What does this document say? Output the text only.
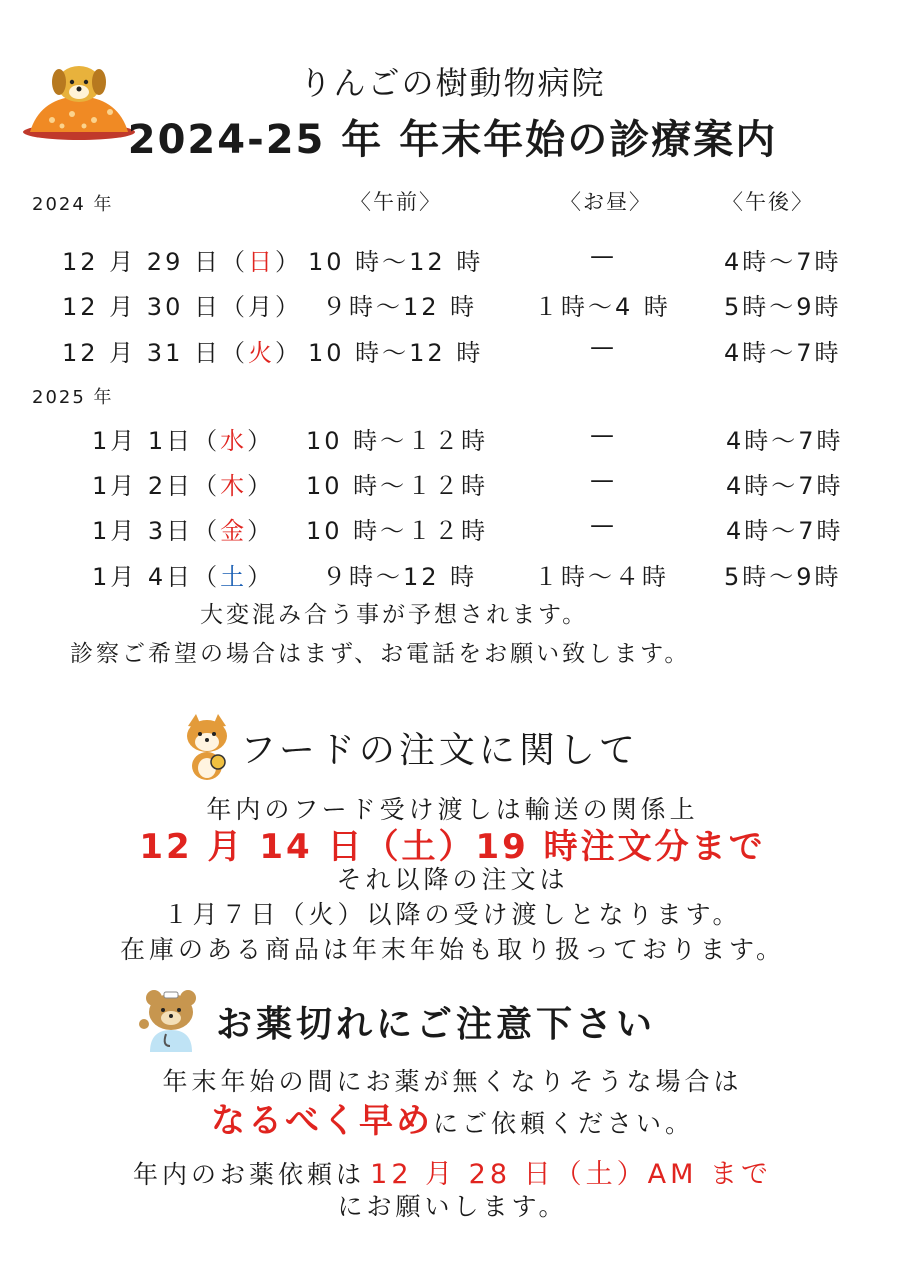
りんごの樹動物病院
2024-25 年 年末年始の診療案内
2024 年	〈午前〉	〈お昼〉	〈午後〉
12 月 29 日（日） 10 時～12 時	—	4時～7時
12 月 30 日（月） ９時～12 時 １時～4 時 5時～9時
12 月 31 日（火） 10 時～12 時	—	4時～7時
2025 年
1月 1日（水） 10 時～１２時	—	4時～7時
1月 2日（木） 10 時～１２時	—	4時～7時
1月 3日（金） 10 時～１２時	—	4時～7時
1月 4日（土） ９時～12 時 １時～４時 5時～9時
大変混み合う事が予想されます。
診察ご希望の場合はまず、お電話をお願い致します。
フードの注文に関して
年内のフード受け渡しは輸送の関係上
12 月 14 日（土）19 時注文分まで
それ以降の注文は
１月７日（火）以降の受け渡しとなります。
在庫のある商品は年末年始も取り扱っております。
お薬切れにご注意下さい
年末年始の間にお薬が無くなりそうな場合は
なるべく早めにご依頼ください。
年内のお薬依頼は 12 月 28 日（土）AM まで
にお願いします。
